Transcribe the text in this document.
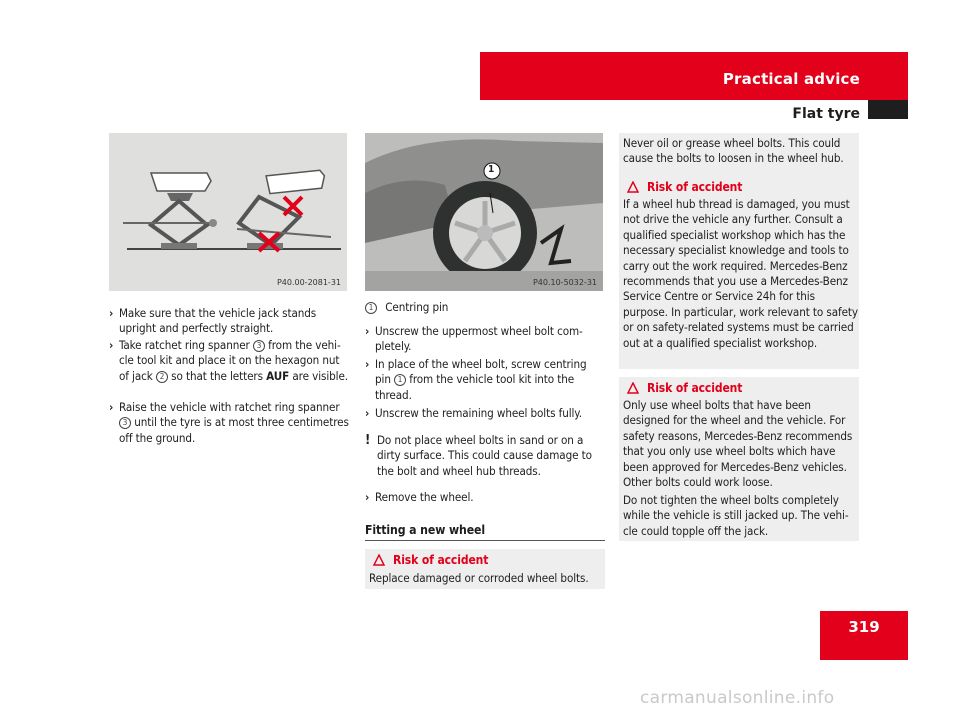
Practical advice
Flat tyre
P40.00-2081-31
1
P40.10-5032-31
› Make sure that the vehicle jack stands upright and perfectly straight.
› Take ratchet ring spanner 3 from the vehicle tool kit and place it on the hexagon nut of jack 2 so that the letters AUF are visible.
› Raise the vehicle with ratchet ring spanner 3 until the tyre is at most three centimetres off the ground.
1 Centring pin
› Unscrew the uppermost wheel bolt completely.
› In place of the wheel bolt, screw centring pin 1 from the vehicle tool kit into the thread.
› Unscrew the remaining wheel bolts fully.
! Do not place wheel bolts in sand or on a dirty surface. This could cause damage to the bolt and wheel hub threads.
› Remove the wheel.
Fitting a new wheel
Risk of accident
Replace damaged or corroded wheel bolts.
Never oil or grease wheel bolts. This could cause the bolts to loosen in the wheel hub.
Risk of accident
If a wheel hub thread is damaged, you must not drive the vehicle any further. Consult a qualified specialist workshop which has the necessary specialist knowledge and tools to carry out the work required. Mercedes-Benz recommends that you use a Mercedes-Benz Service Centre or Service 24h for this purpose. In particular, work relevant to safety or on safety-related systems must be carried out at a qualified specialist workshop.
Risk of accident
Only use wheel bolts that have been designed for the wheel and the vehicle. For safety reasons, Mercedes-Benz recommends that you only use wheel bolts which have been approved for Mercedes-Benz vehicles. Other bolts could work loose.
Do not tighten the wheel bolts completely while the vehicle is still jacked up. The vehicle could topple off the jack.
319
carmanualsonline.info
